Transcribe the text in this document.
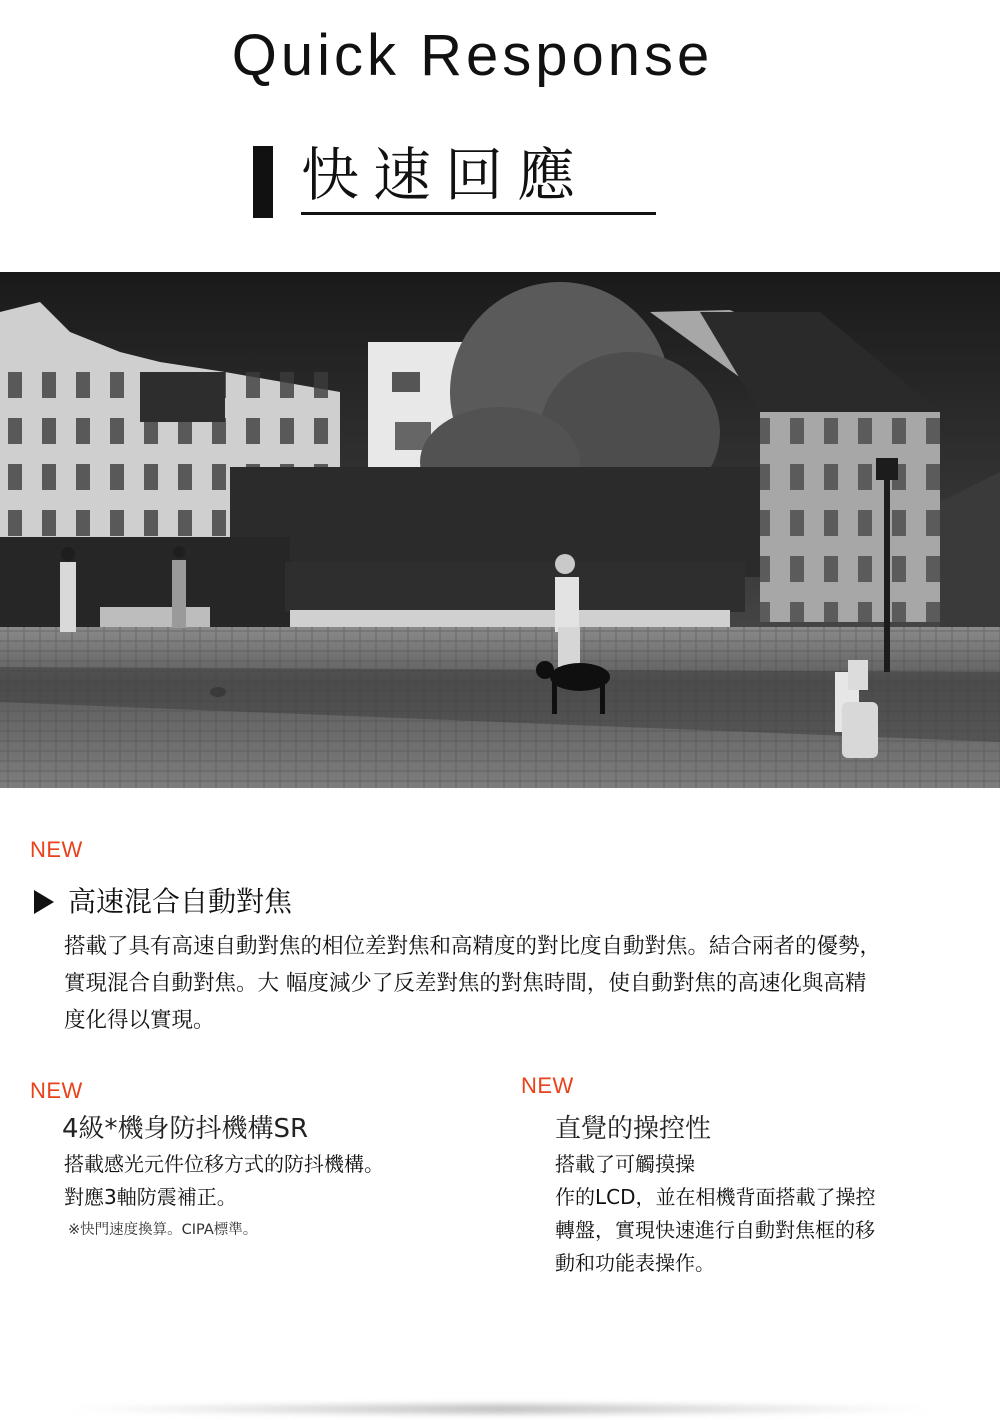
Quick Response
快速回應
NEW
高速混合自動對焦
搭載了具有高速自動對焦的相位差對焦和高精度的對比度自動對焦。結合兩者的優勢，
實現混合自動對焦。大 幅度減少了反差對焦的對焦時間，使自動對焦的高速化與高精
度化得以實現。
NEW
4級*機身防抖機構SR
搭載感光元件位移方式的防抖機構。
對應3軸防震補正。
※快門速度換算。CIPA標準。
NEW
直覺的操控性
搭載了可觸摸操
作的LCD，並在相機背面搭載了操控
轉盤，實現快速進行自動對焦框的移
動和功能表操作。
